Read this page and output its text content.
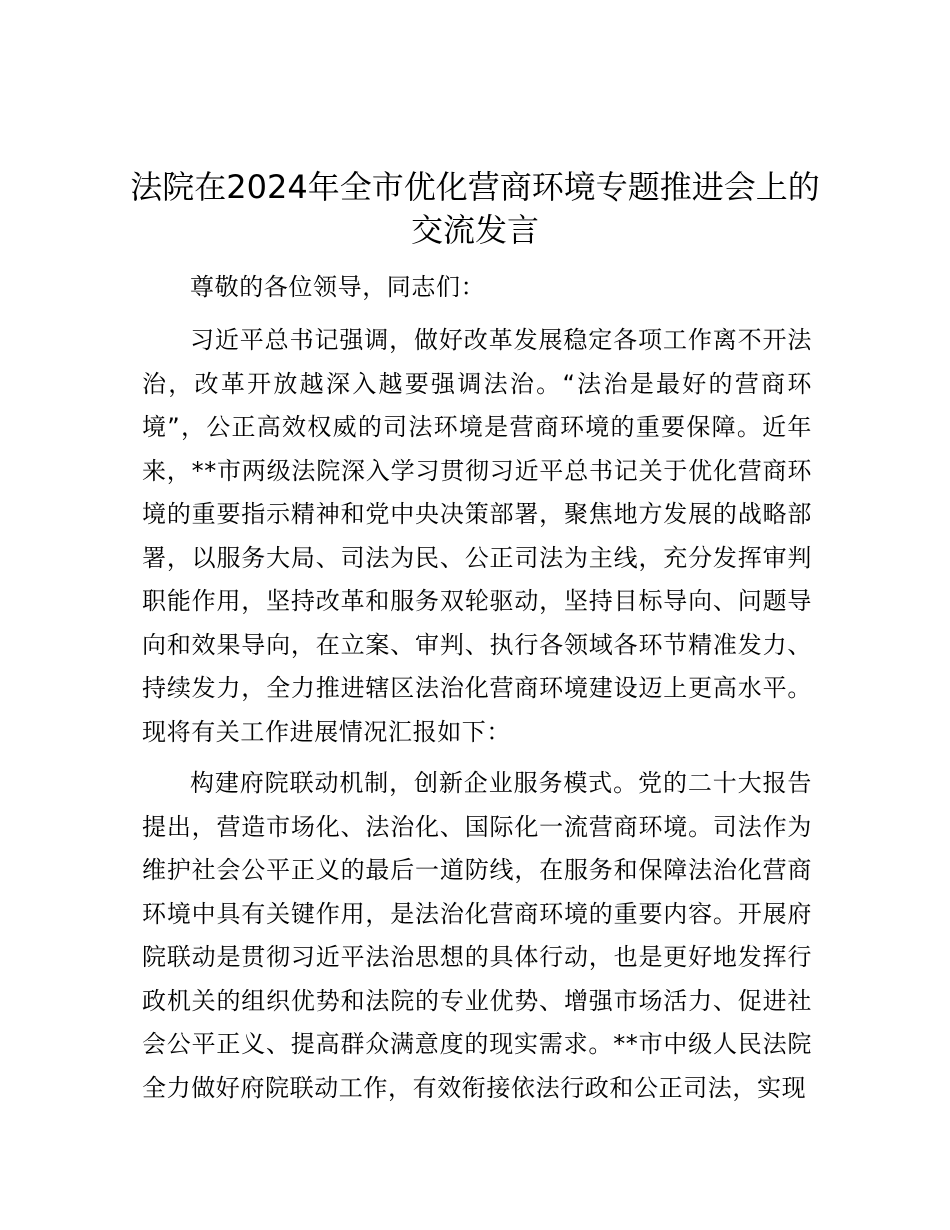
法院在2024年全市优化营商环境专题推进会上的交流发言

尊敬的各位领导，同志们：

习近平总书记强调，做好改革发展稳定各项工作离不开法治，改革开放越深入越要强调法治。“法治是最好的营商环境”，公正高效权威的司法环境是营商环境的重要保障。近年来，**市两级法院深入学习贯彻习近平总书记关于优化营商环境的重要指示精神和党中央决策部署，聚焦地方发展的战略部署，以服务大局、司法为民、公正司法为主线，充分发挥审判职能作用，坚持改革和服务双轮驱动，坚持目标导向、问题导向和效果导向，在立案、审判、执行各领域各环节精准发力、持续发力，全力推进辖区法治化营商环境建设迈上更高水平。现将有关工作进展情况汇报如下：

构建府院联动机制，创新企业服务模式。党的二十大报告提出，营造市场化、法治化、国际化一流营商环境。司法作为维护社会公平正义的最后一道防线，在服务和保障法治化营商环境中具有关键作用，是法治化营商环境的重要内容。开展府院联动是贯彻习近平法治思想的具体行动，也是更好地发挥行政机关的组织优势和法院的专业优势、增强市场活力、促进社会公平正义、提高群众满意度的现实需求。**市中级人民法院全力做好府院联动工作，有效衔接依法行政和公正司法，实现
